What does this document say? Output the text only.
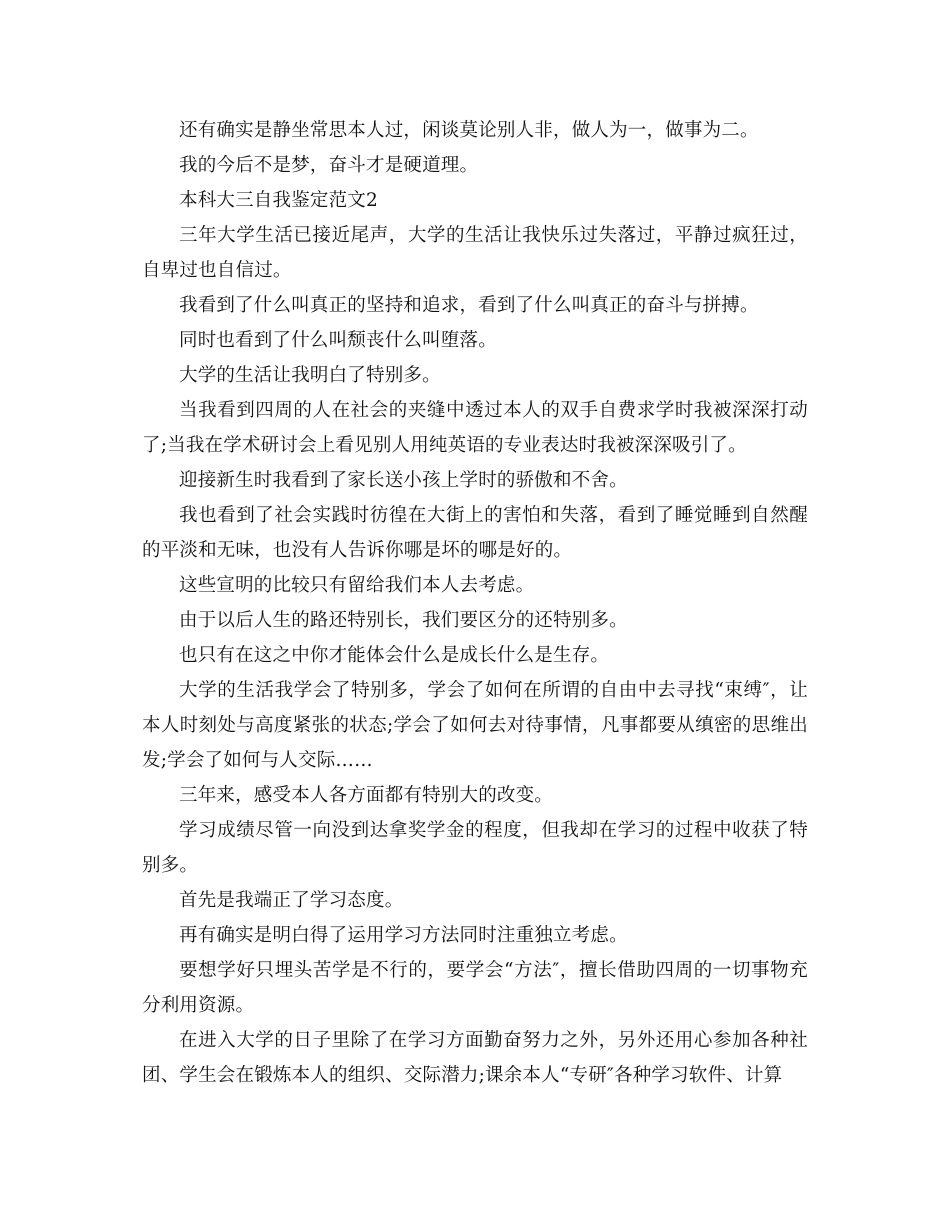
还有确实是静坐常思本人过，闲谈莫论别人非，做人为一，做事为二。

我的今后不是梦，奋斗才是硬道理。

本科大三自我鉴定范文2

三年大学生活已接近尾声，大学的生活让我快乐过失落过，平静过疯狂过，自卑过也自信过。

我看到了什么叫真正的坚持和追求，看到了什么叫真正的奋斗与拼搏。

同时也看到了什么叫颓丧什么叫堕落。

大学的生活让我明白了特别多。

当我看到四周的人在社会的夹缝中透过本人的双手自费求学时我被深深打动了;当我在学术研讨会上看见别人用纯英语的专业表达时我被深深吸引了。

迎接新生时我看到了家长送小孩上学时的骄傲和不舍。

我也看到了社会实践时彷徨在大街上的害怕和失落，看到了睡觉睡到自然醒的平淡和无味，也没有人告诉你哪是坏的哪是好的。

这些宣明的比较只有留给我们本人去考虑。

由于以后人生的路还特别长，我们要区分的还特别多。

也只有在这之中你才能体会什么是成长什么是生存。

大学的生活我学会了特别多，学会了如何在所谓的自由中去寻找“束缚″，让本人时刻处与高度紧张的状态;学会了如何去对待事情，凡事都要从缜密的思维出发;学会了如何与人交际……

三年来，感受本人各方面都有特别大的改变。

学习成绩尽管一向没到达拿奖学金的程度，但我却在学习的过程中收获了特别多。

首先是我端正了学习态度。

再有确实是明白得了运用学习方法同时注重独立考虑。

要想学好只埋头苦学是不行的，要学会“方法″，擅长借助四周的一切事物充分利用资源。

在进入大学的日子里除了在学习方面勤奋努力之外，另外还用心参加各种社团、学生会在锻炼本人的组织、交际潜力;课余本人“专研″各种学习软件、计算
